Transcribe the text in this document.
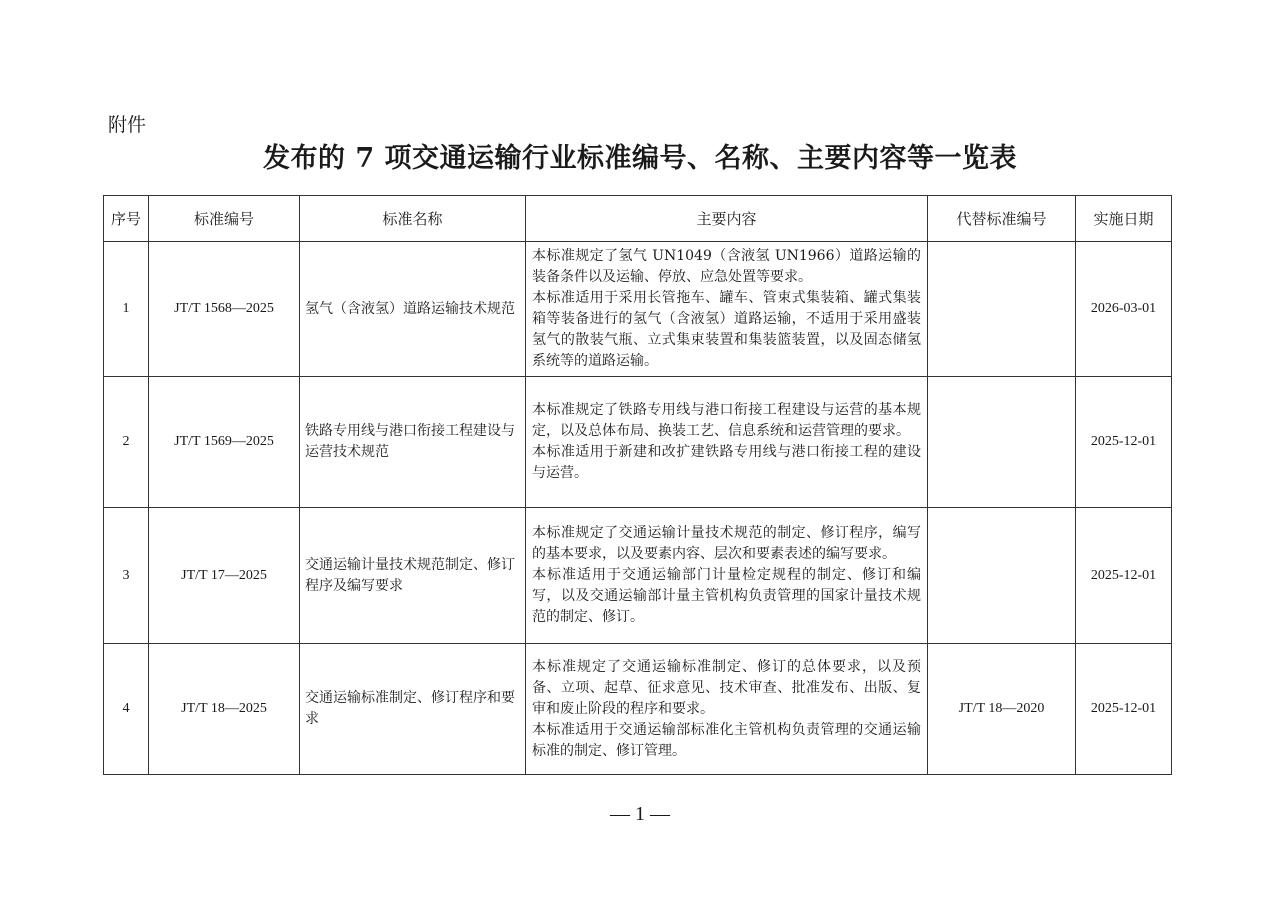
附件
发布的 7 项交通运输行业标准编号、名称、主要内容等一览表
序号	标准编号	标准名称	主要内容	代替标准编号	实施日期
1	JT/T 1568—2025	氢气（含液氢）道路运输技术规范	本标准规定了氢气 UN1049（含液氢 UN1966）道路运输的装备条件以及运输、停放、应急处置等要求。

本标准适用于采用长管拖车、罐车、管束式集装箱、罐式集装箱等装备进行的氢气（含液氢）道路运输，不适用于采用盛装氢气的散装气瓶、立式集束装置和集装篮装置，以及固态储氢系统等的道路运输。		2026-03-01
2	JT/T 1569—2025	铁路专用线与港口衔接工程建设与运营技术规范	本标准规定了铁路专用线与港口衔接工程建设与运营的基本规定，以及总体布局、换装工艺、信息系统和运营管理的要求。

本标准适用于新建和改扩建铁路专用线与港口衔接工程的建设与运营。		2025-12-01
3	JT/T 17—2025	交通运输计量技术规范制定、修订程序及编写要求	本标准规定了交通运输计量技术规范的制定、修订程序，编写的基本要求，以及要素内容、层次和要素表述的编写要求。

本标准适用于交通运输部门计量检定规程的制定、修订和编写，以及交通运输部计量主管机构负责管理的国家计量技术规范的制定、修订。		2025-12-01
4	JT/T 18—2025	交通运输标准制定、修订程序和要求	本标准规定了交通运输标准制定、修订的总体要求，以及预备、立项、起草、征求意见、技术审查、批准发布、出版、复审和废止阶段的程序和要求。

本标准适用于交通运输部标准化主管机构负责管理的交通运输标准的制定、修订管理。	JT/T 18—2020	2025-12-01
— 1 —
